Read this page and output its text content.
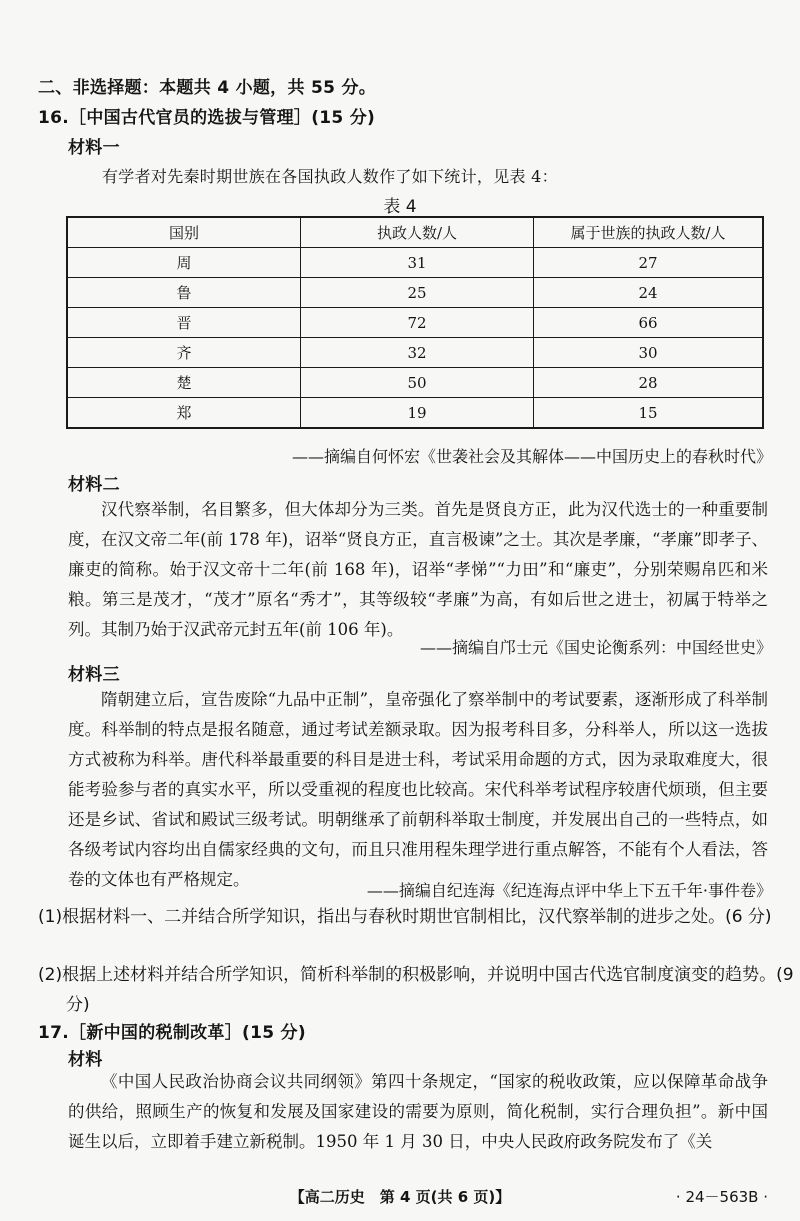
二、非选择题：本题共 4 小题，共 55 分。
16.［中国古代官员的选拔与管理］(15 分)
材料一
有学者对先秦时期世族在各国执政人数作了如下统计，见表 4：
表 4
国别	执政人数/人	属于世族的执政人数/人
周	31	27
鲁	25	24
晋	72	66
齐	32	30
楚	50	28
郑	19	15
——摘编自何怀宏《世袭社会及其解体——中国历史上的春秋时代》
材料二
汉代察举制，名目繁多，但大体却分为三类。首先是贤良方正，此为汉代选士的一种重要制度，在汉文帝二年(前 178 年)，诏举“贤良方正，直言极谏”之士。其次是孝廉，“孝廉”即孝子、廉吏的简称。始于汉文帝十二年(前 168 年)，诏举“孝悌”“力田”和“廉吏”，分别荣赐帛匹和米粮。第三是茂才，“茂才”原名“秀才”，其等级较“孝廉”为高，有如后世之进士，初属于特举之列。其制乃始于汉武帝元封五年(前 106 年)。
——摘编自邝士元《国史论衡系列：中国经世史》
材料三
隋朝建立后，宣告废除“九品中正制”，皇帝强化了察举制中的考试要素，逐渐形成了科举制度。科举制的特点是报名随意，通过考试差额录取。因为报考科目多，分科举人，所以这一选拔方式被称为科举。唐代科举最重要的科目是进士科，考试采用命题的方式，因为录取难度大，很能考验参与者的真实水平，所以受重视的程度也比较高。宋代科举考试程序较唐代烦琐，但主要还是乡试、省试和殿试三级考试。明朝继承了前朝科举取士制度，并发展出自己的一些特点，如各级考试内容均出自儒家经典的文句，而且只准用程朱理学进行重点解答，不能有个人看法，答卷的文体也有严格规定。
——摘编自纪连海《纪连海点评中华上下五千年·事件卷》
(1)根据材料一、二并结合所学知识，指出与春秋时期世官制相比，汉代察举制的进步之处。(6 分)
(2)根据上述材料并结合所学知识，简析科举制的积极影响，并说明中国古代选官制度演变的趋势。(9 分)
17.［新中国的税制改革］(15 分)
材料
《中国人民政治协商会议共同纲领》第四十条规定，“国家的税收政策，应以保障革命战争的供给，照顾生产的恢复和发展及国家建设的需要为原则，简化税制，实行合理负担”。新中国诞生以后，立即着手建立新税制。1950 年 1 月 30 日，中央人民政府政务院发布了《关
【高二历史　第 4 页(共 6 页)】	· 24－563B ·
